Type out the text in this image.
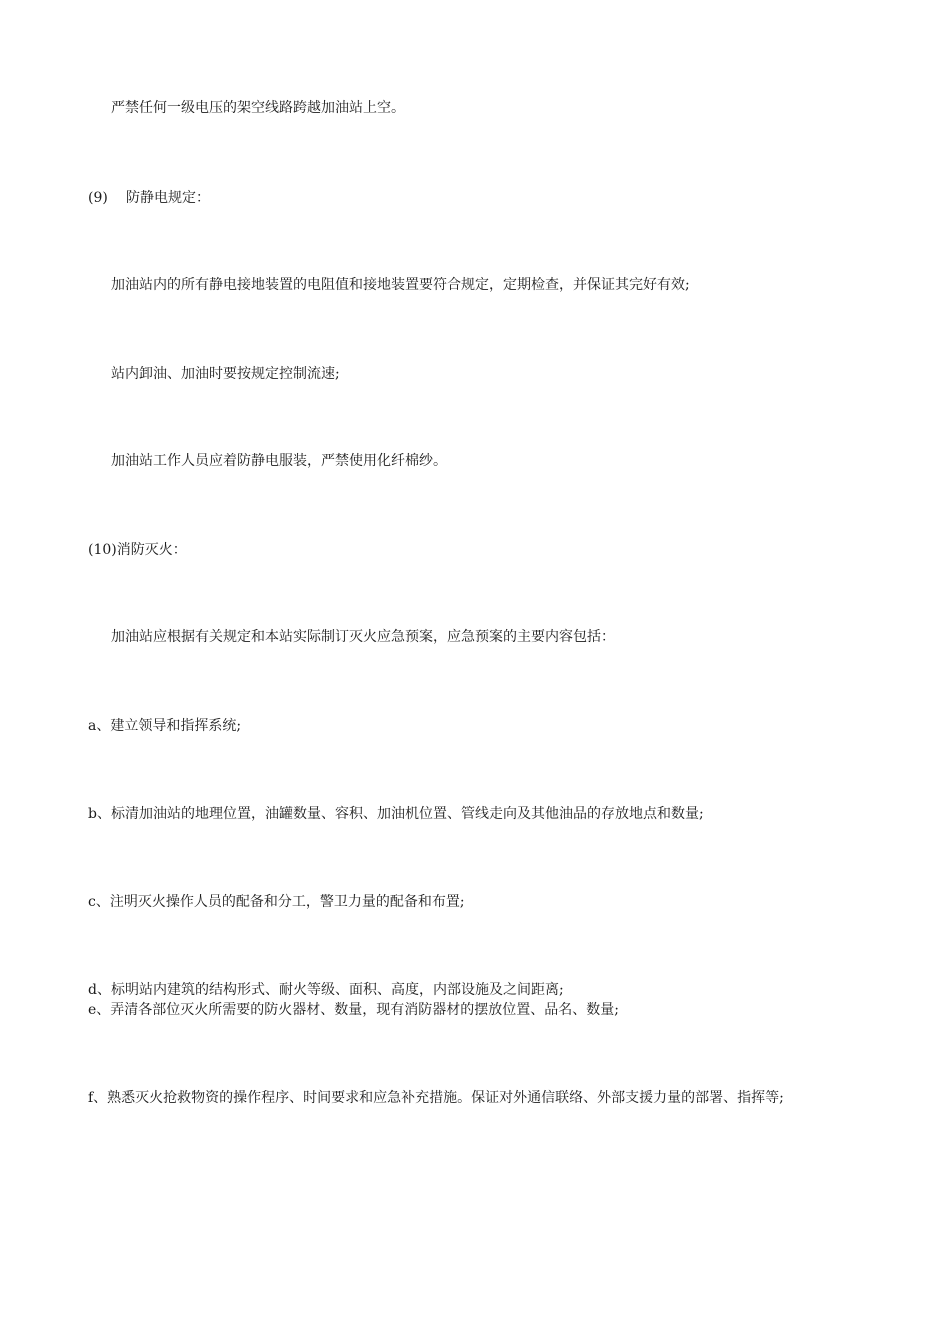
严禁任何一级电压的架空线路跨越加油站上空。

(9) 防静电规定：

加油站内的所有静电接地装置的电阻值和接地装置要符合规定，定期检查，并保证其完好有效;

站内卸油、加油时要按规定控制流速;

加油站工作人员应着防静电服装，严禁使用化纤棉纱。

(10)消防灭火：

加油站应根据有关规定和本站实际制订灭火应急预案，应急预案的主要内容包括：

a、建立领导和指挥系统;

b、标清加油站的地理位置，油罐数量、容积、加油机位置、管线走向及其他油品的存放地点和数量;

c、注明灭火操作人员的配备和分工，警卫力量的配备和布置;

d、标明站内建筑的结构形式、耐火等级、面积、高度，内部设施及之间距离;

e、弄清各部位灭火所需要的防火器材、数量，现有消防器材的摆放位置、品名、数量;

f、熟悉灭火抢救物资的操作程序、时间要求和应急补充措施。保证对外通信联络、外部支援力量的部署、指挥等;
